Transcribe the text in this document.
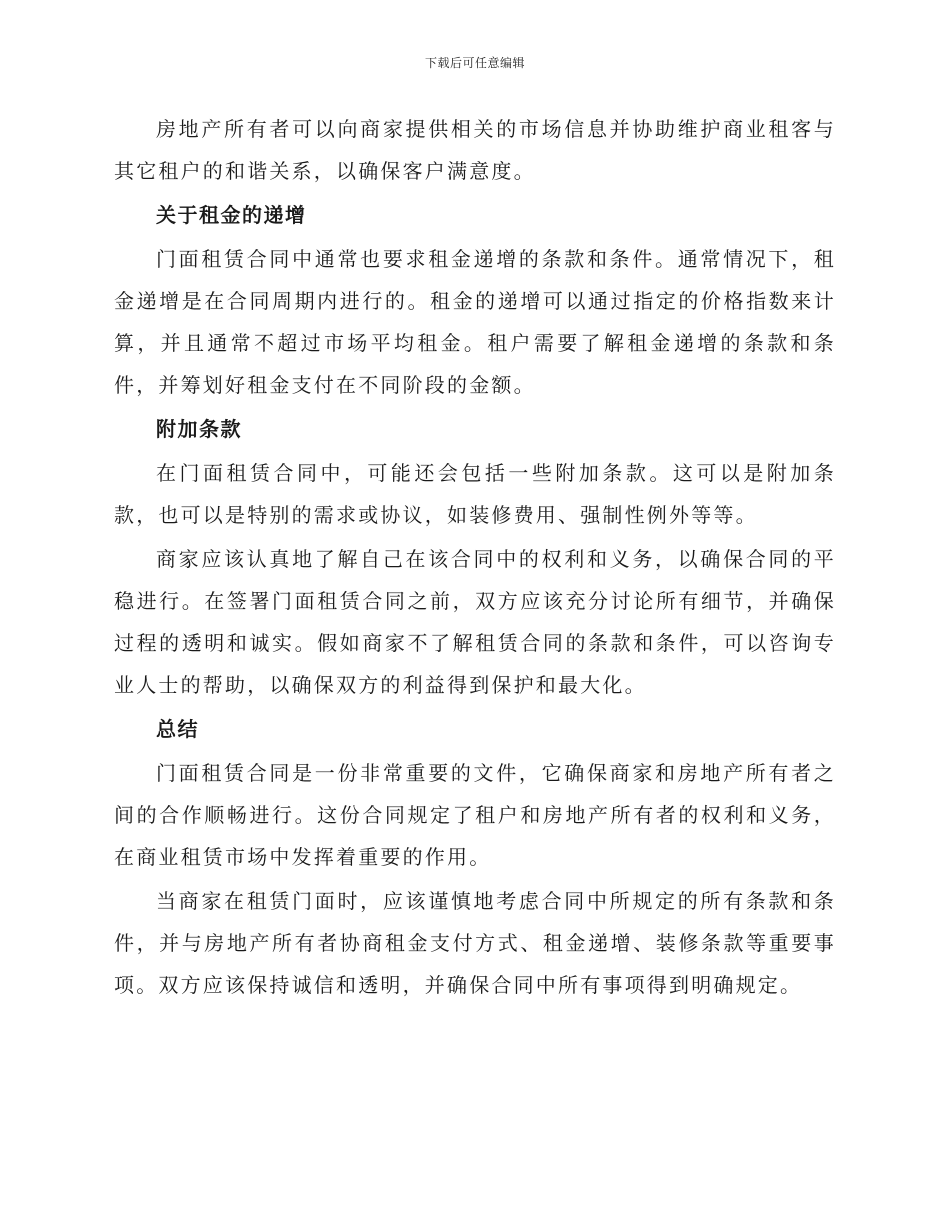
下载后可任意编辑

房地产所有者可以向商家提供相关的市场信息并协助维护商业租客与其它租户的和谐关系，以确保客户满意度。

关于租金的递增

门面租赁合同中通常也要求租金递增的条款和条件。通常情况下，租金递增是在合同周期内进行的。租金的递增可以通过指定的价格指数来计算，并且通常不超过市场平均租金。租户需要了解租金递增的条款和条件，并筹划好租金支付在不同阶段的金额。

附加条款

在门面租赁合同中，可能还会包括一些附加条款。这可以是附加条款，也可以是特别的需求或协议，如装修费用、强制性例外等等。

商家应该认真地了解自己在该合同中的权利和义务，以确保合同的平稳进行。在签署门面租赁合同之前，双方应该充分讨论所有细节，并确保过程的透明和诚实。假如商家不了解租赁合同的条款和条件，可以咨询专业人士的帮助，以确保双方的利益得到保护和最大化。

总结

门面租赁合同是一份非常重要的文件，它确保商家和房地产所有者之间的合作顺畅进行。这份合同规定了租户和房地产所有者的权利和义务，在商业租赁市场中发挥着重要的作用。

当商家在租赁门面时，应该谨慎地考虑合同中所规定的所有条款和条件，并与房地产所有者协商租金支付方式、租金递增、装修条款等重要事项。双方应该保持诚信和透明，并确保合同中所有事项得到明确规定。
